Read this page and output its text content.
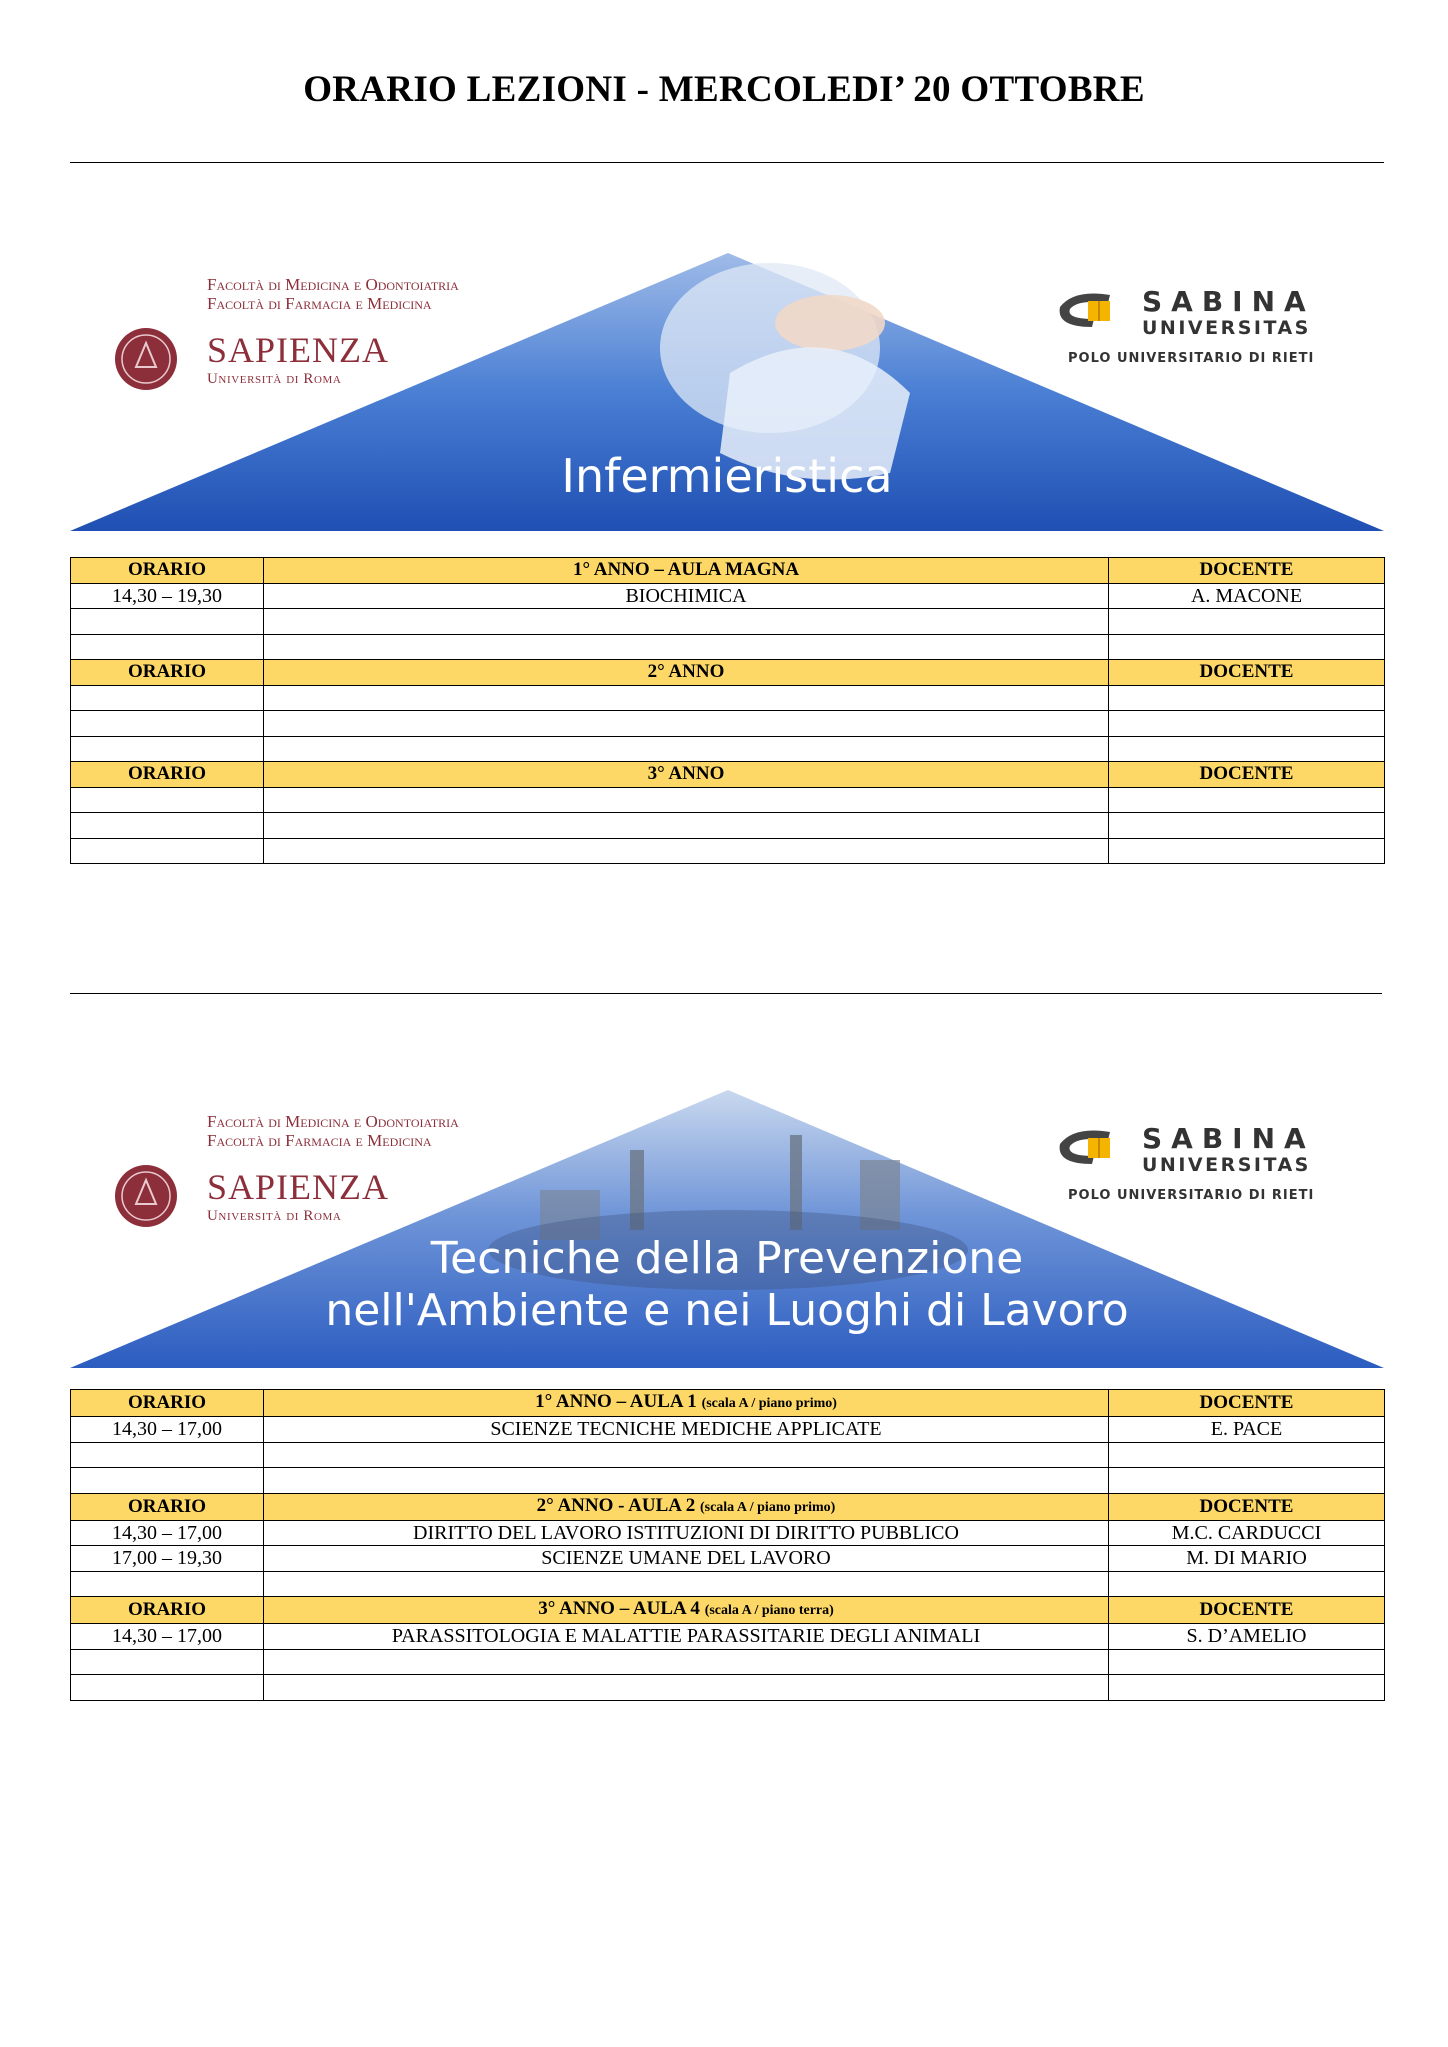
ORARIO LEZIONI - MERCOLEDI’ 20 OTTOBRE
Facoltà di Medicina e Odontoiatria
Facoltà di Farmacia e Medicina
SAPIENZA
Università di Roma
SABINA
UNIVERSITAS
POLO UNIVERSITARIO DI RIETI
Infermieristica
ORARIO	1° ANNO – AULA MAGNA	DOCENTE
14,30 – 19,30	BIOCHIMICA	A. MACONE

ORARIO	2° ANNO	DOCENTE

ORARIO	3° ANNO	DOCENTE

Facoltà di Medicina e Odontoiatria
Facoltà di Farmacia e Medicina
SAPIENZA
Università di Roma
SABINA
UNIVERSITAS
POLO UNIVERSITARIO DI RIETI
Tecniche della Prevenzione
nell'Ambiente e nei Luoghi di Lavoro
ORARIO	1° ANNO – AULA 1 (scala A / piano primo)	DOCENTE
14,30 – 17,00	SCIENZE TECNICHE MEDICHE APPLICATE	E. PACE

ORARIO	2° ANNO - AULA 2 (scala A / piano primo)	DOCENTE
14,30 – 17,00	DIRITTO DEL LAVORO ISTITUZIONI DI DIRITTO PUBBLICO	M.C. CARDUCCI
17,00 – 19,30	SCIENZE UMANE DEL LAVORO	M. DI MARIO

ORARIO	3° ANNO – AULA 4 (scala A / piano terra)	DOCENTE
14,30 – 17,00	PARASSITOLOGIA E MALATTIE PARASSITARIE DEGLI ANIMALI	S. D’AMELIO
